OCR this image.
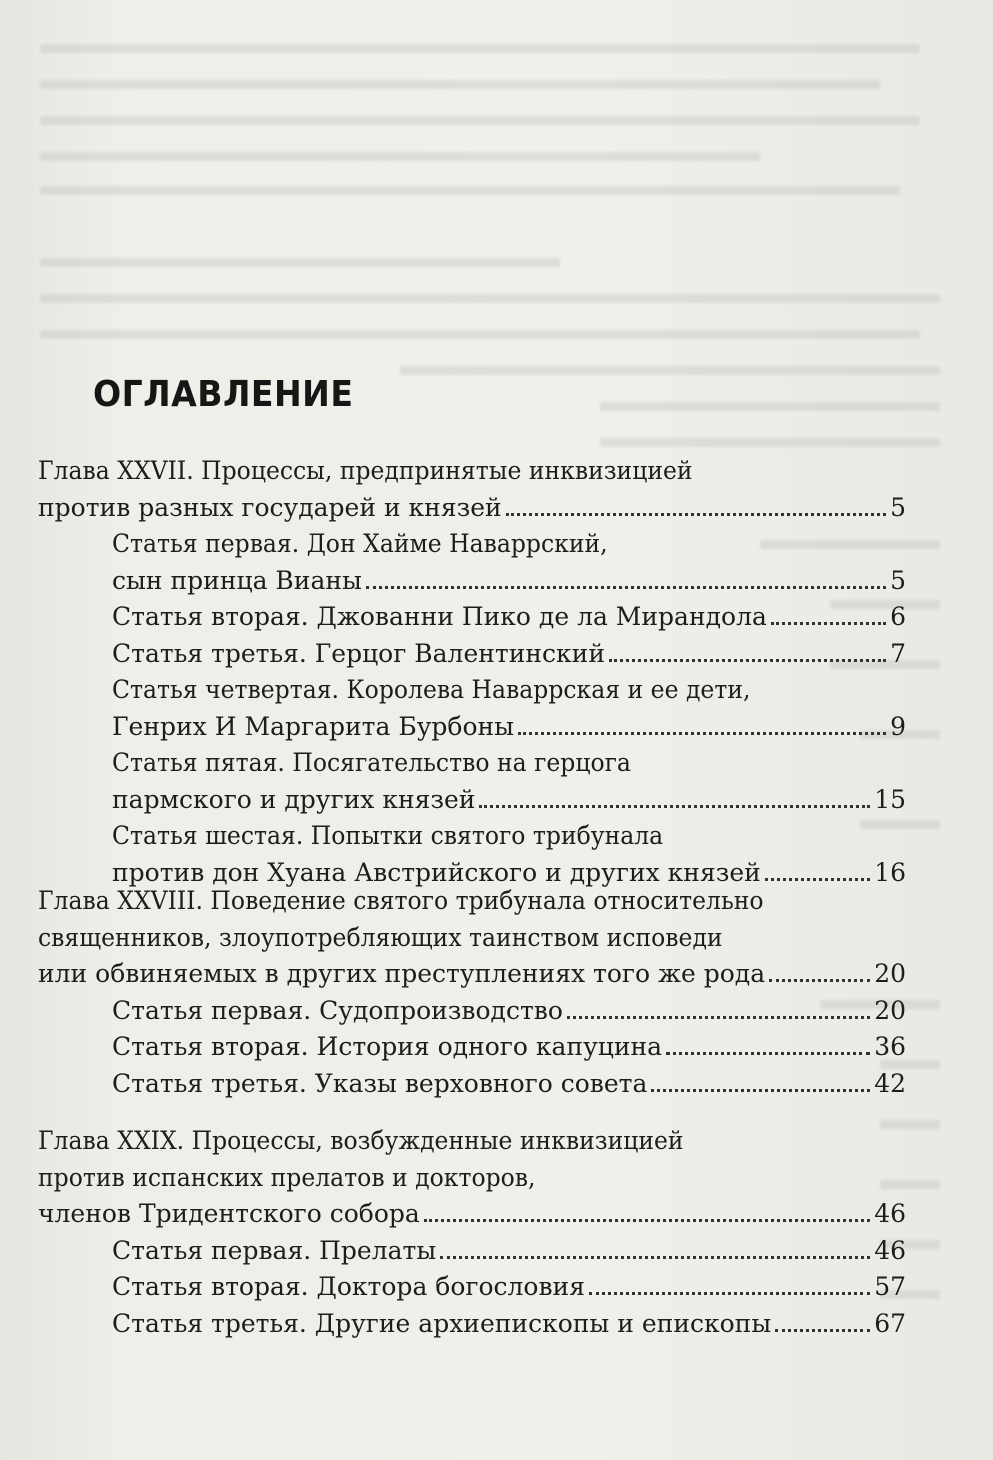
ОГЛАВЛЕНИЕ
Глава XXVII. Процессы, предпринятые инквизицией
против разных государей и князей	5
Статья первая. Дон Хайме Наваррский,
сын принца Вианы	5
Статья вторая. Джованни Пико де ла Мирандола	6
Статья третья. Герцог Валентинский	7
Статья четвертая. Королева Наваррская и ее дети,
Генрих И Маргарита Бурбоны	9
Статья пятая. Посягательство на герцога
пармского и других князей	15
Статья шестая. Попытки святого трибунала
против дон Хуана Австрийского и других князей	16
Глава XXVIII. Поведение святого трибунала относительно
священников, злоупотребляющих таинством исповеди
или обвиняемых в других преступлениях того же рода	20
Статья первая. Судопроизводство	20
Статья вторая. История одного капуцина	36
Статья третья. Указы верховного совета	42
Глава XXIX. Процессы, возбужденные инквизицией
против испанских прелатов и докторов,
членов Тридентского собора	46
Статья первая. Прелаты	46
Статья вторая. Доктора богословия	57
Статья третья. Другие архиепископы и епископы	67
